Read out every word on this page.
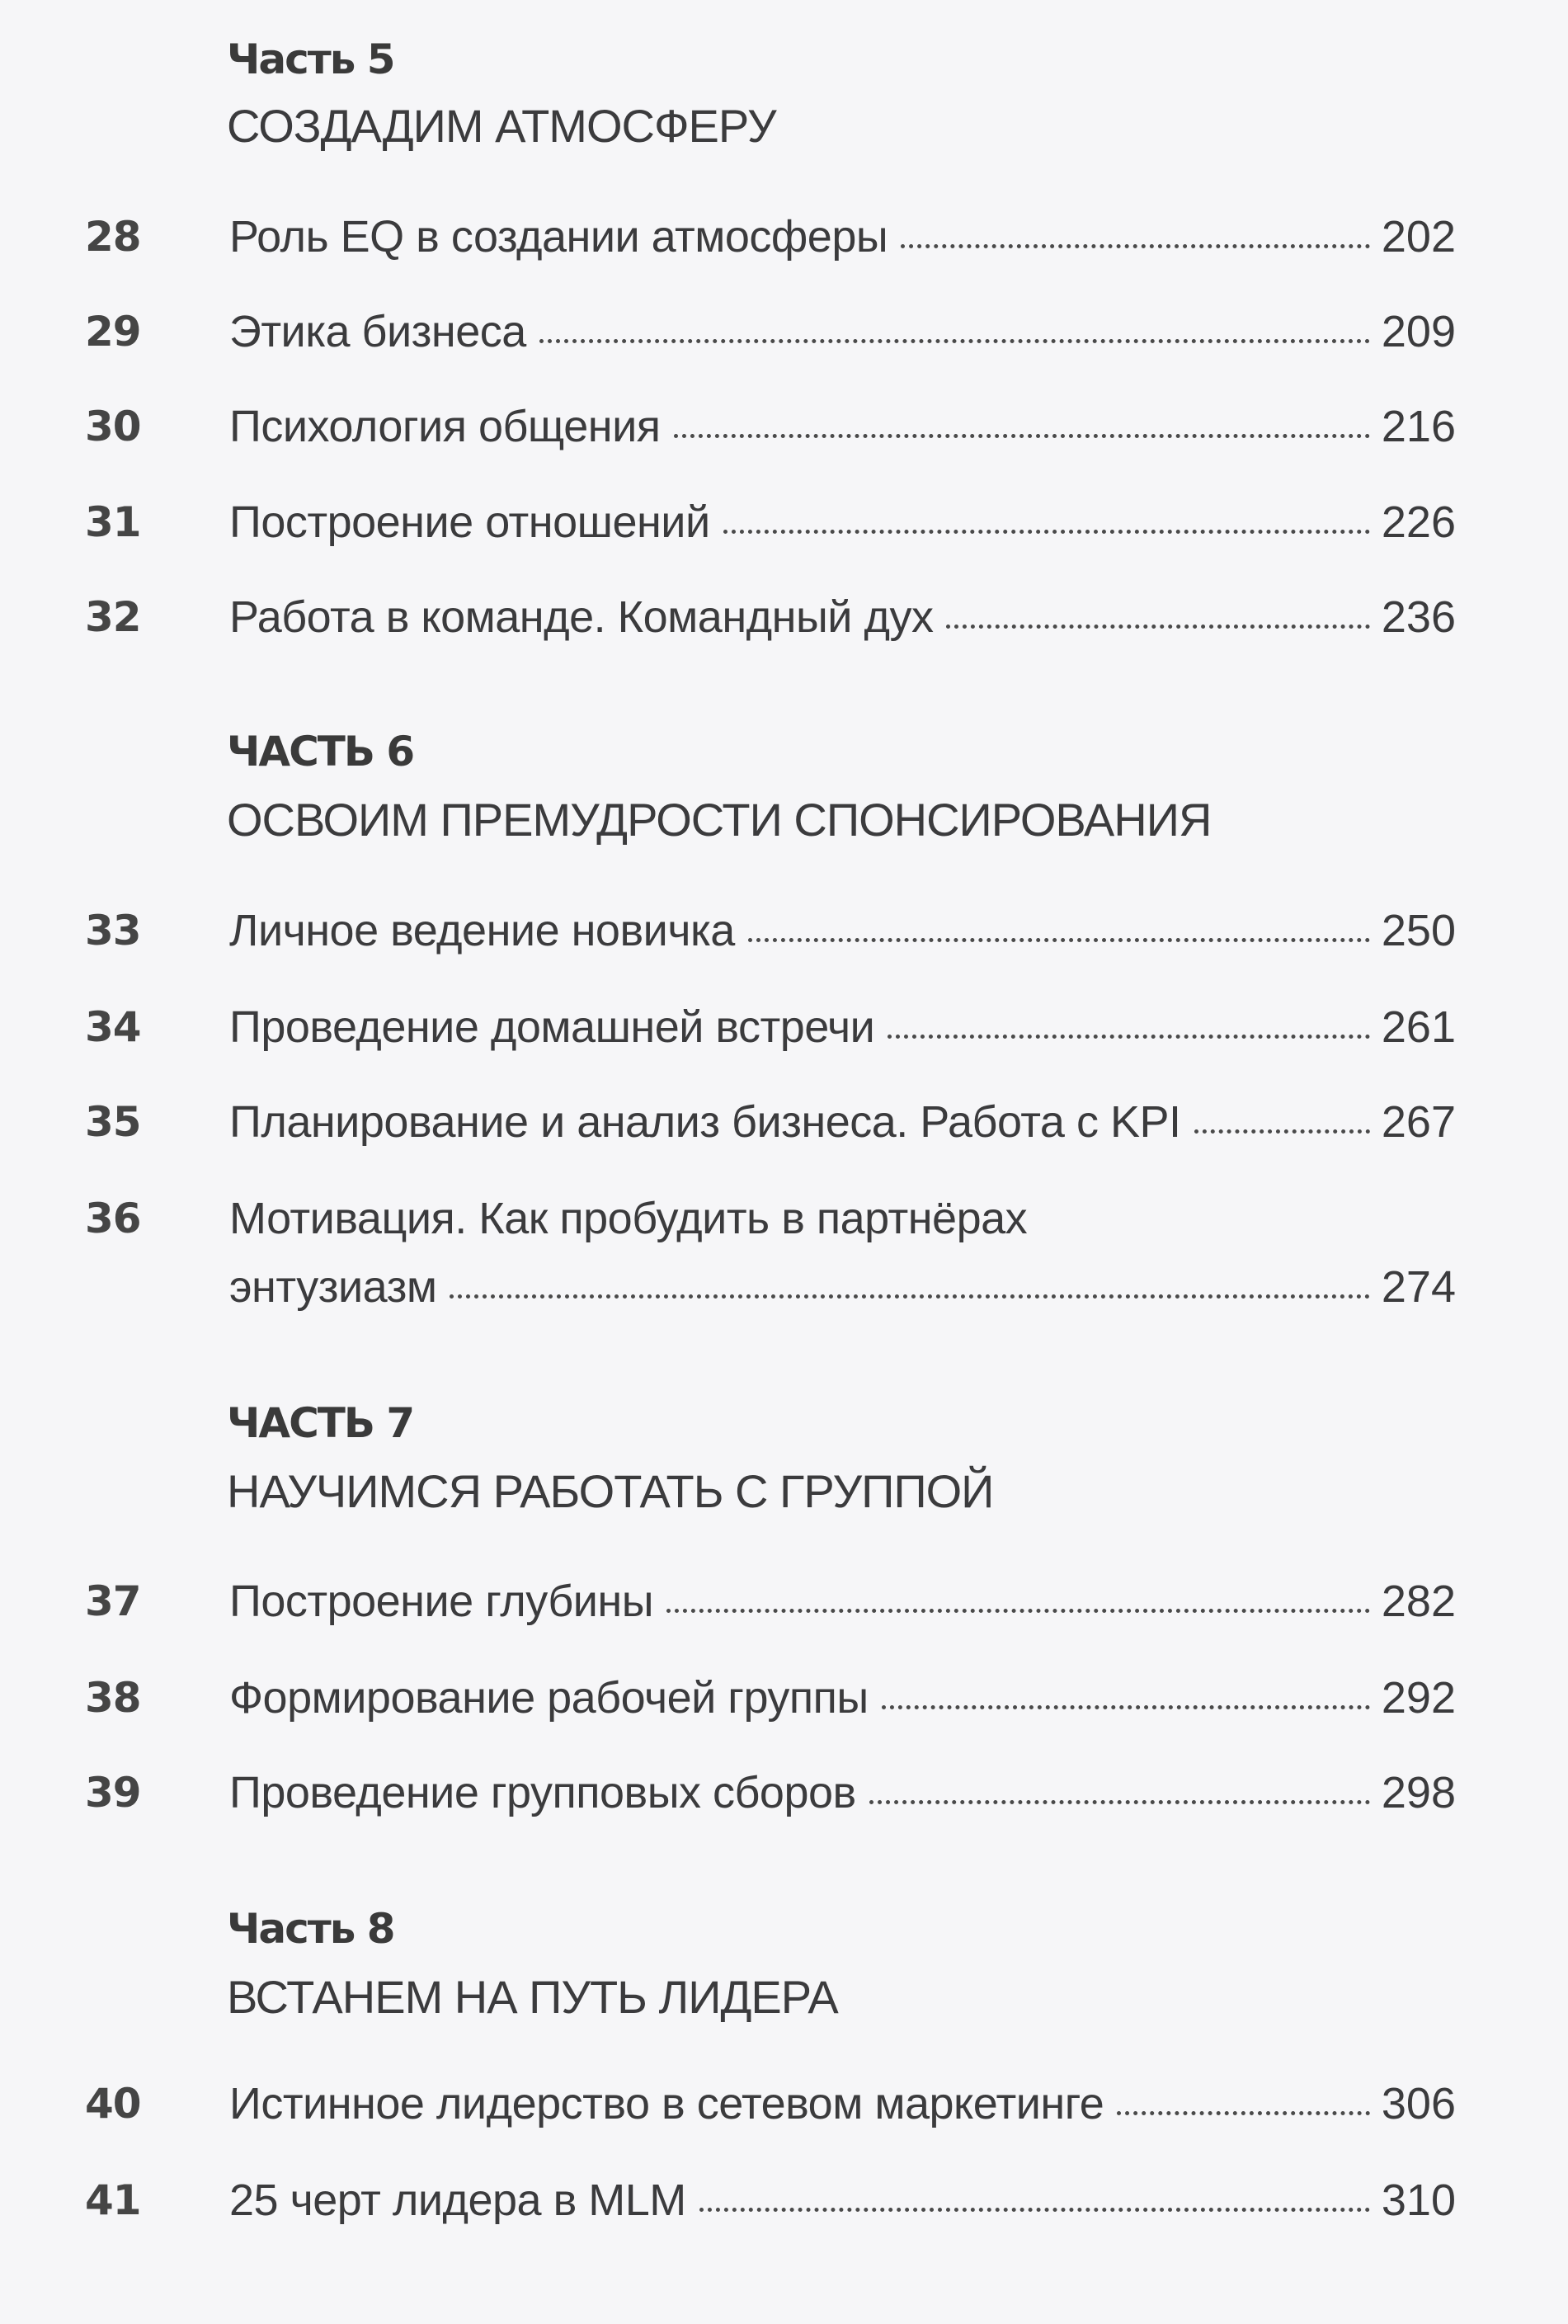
Часть 5
СОЗДАДИМ АТМОСФЕРУ
28 Роль EQ в создании атмосферы	202
29 Этика бизнеса	209
30 Психология общения	216
31 Построение отношений	226
32 Работа в команде. Командный дух	236
ЧАСТЬ 6
ОСВОИМ ПРЕМУДРОСТИ СПОНСИРОВАНИЯ
33 Личное ведение новичка	250
34 Проведение домашней встречи	261
35 Планирование и анализ бизнеса. Работа с KPI	267
36 Мотивация. Как пробудить в партнёрах
энтузиазм	274
ЧАСТЬ 7
НАУЧИМСЯ РАБОТАТЬ С ГРУППОЙ
37 Построение глубины	282
38 Формирование рабочей группы	292
39 Проведение групповых сборов	298
Часть 8
ВСТАНЕМ НА ПУТЬ ЛИДЕРА
40 Истинное лидерство в сетевом маркетинге	306
41 25 черт лидера в MLM	310
